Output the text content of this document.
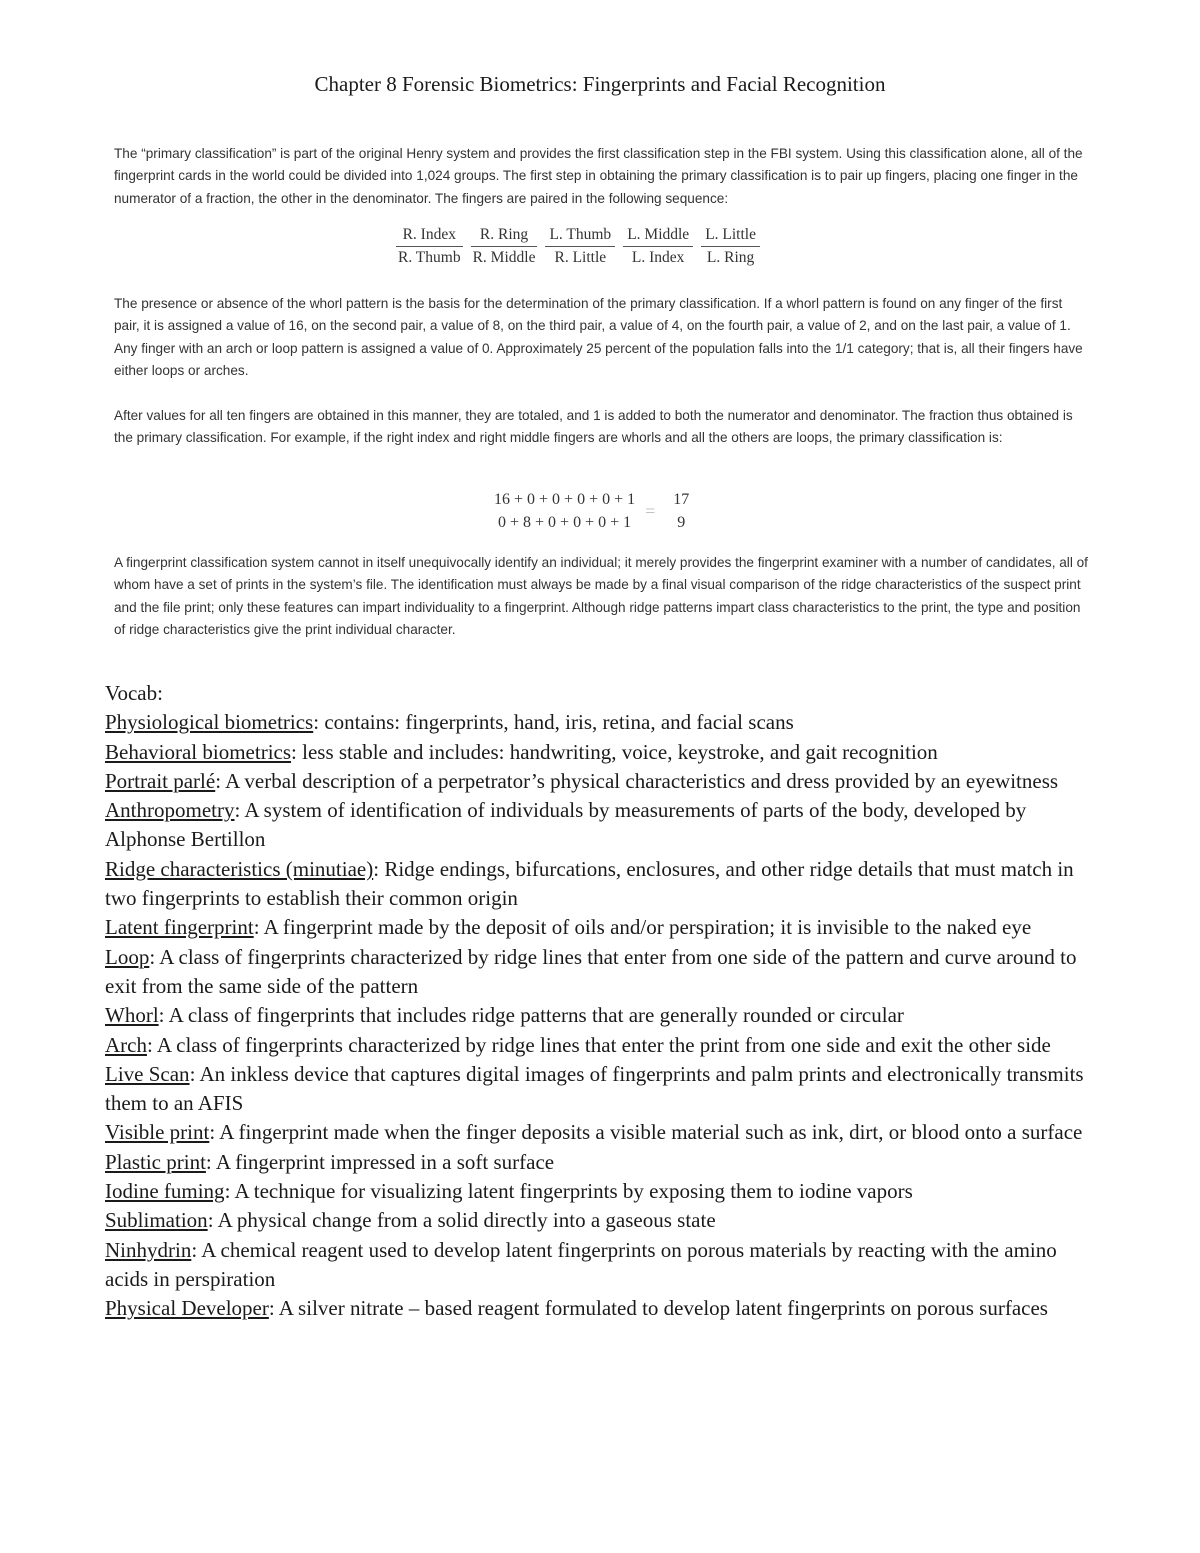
Chapter 8 Forensic Biometrics: Fingerprints and Facial Recognition
The “primary classification” is part of the original Henry system and provides the first classification step in the FBI system. Using this classification alone, all of the fingerprint cards in the world could be divided into 1,024 groups. The first step in obtaining the primary classification is to pair up fingers, placing one finger in the numerator of a fraction, the other in the denominator. The fingers are paired in the following sequence:
$\frac{\text{R. Index}}{\text{R. Thumb}} \frac{\text{R. Ring}}{\text{R. Middle}} \frac{\text{L. Thumb}}{\text{R. Little}} \frac{\text{L. Middle}}{\text{L. Index}} \frac{\text{L. Little}}{\text{L. Ring}}$
The presence or absence of the whorl pattern is the basis for the determination of the primary classification. If a whorl pattern is found on any finger of the first pair, it is assigned a value of 16, on the second pair, a value of 8, on the third pair, a value of 4, on the fourth pair, a value of 2, and on the last pair, a value of 1. Any finger with an arch or loop pattern is assigned a value of 0. Approximately 25 percent of the population falls into the 1/1 category; that is, all their fingers have either loops or arches.
After values for all ten fingers are obtained in this manner, they are totaled, and 1 is added to both the numerator and denominator. The fraction thus obtained is the primary classification. For example, if the right index and right middle fingers are whorls and all the others are loops, the primary classification is:
16 + 0 + 0 + 0 + 0 + 1
0 + 8 + 0 + 0 + 0 + 1
=
17
9
A fingerprint classification system cannot in itself unequivocally identify an individual; it merely provides the fingerprint examiner with a number of candidates, all of whom have a set of prints in the system’s file. The identification must always be made by a final visual comparison of the ridge characteristics of the suspect print and the file print; only these features can impart individuality to a fingerprint. Although ridge patterns impart class characteristics to the print, the type and position of ridge characteristics give the print individual character.
Vocab:
Physiological biometrics: contains: fingerprints, hand, iris, retina, and facial scans
Behavioral biometrics: less stable and includes: handwriting, voice, keystroke, and gait recognition
Portrait parlé: A verbal description of a perpetrator’s physical characteristics and dress provided by an eyewitness
Anthropometry: A system of identification of individuals by measurements of parts of the body, developed by Alphonse Bertillon
Ridge characteristics (minutiae): Ridge endings, bifurcations, enclosures, and other ridge details that must match in two fingerprints to establish their common origin
Latent fingerprint: A fingerprint made by the deposit of oils and/or perspiration; it is invisible to the naked eye
Loop: A class of fingerprints characterized by ridge lines that enter from one side of the pattern and curve around to exit from the same side of the pattern
Whorl: A class of fingerprints that includes ridge patterns that are generally rounded or circular
Arch: A class of fingerprints characterized by ridge lines that enter the print from one side and exit the other side
Live Scan: An inkless device that captures digital images of fingerprints and palm prints and electronically transmits them to an AFIS
Visible print: A fingerprint made when the finger deposits a visible material such as ink, dirt, or blood onto a surface
Plastic print: A fingerprint impressed in a soft surface
Iodine fuming: A technique for visualizing latent fingerprints by exposing them to iodine vapors
Sublimation: A physical change from a solid directly into a gaseous state
Ninhydrin: A chemical reagent used to develop latent fingerprints on porous materials by reacting with the amino acids in perspiration
Physical Developer: A silver nitrate – based reagent formulated to develop latent fingerprints on porous surfaces
